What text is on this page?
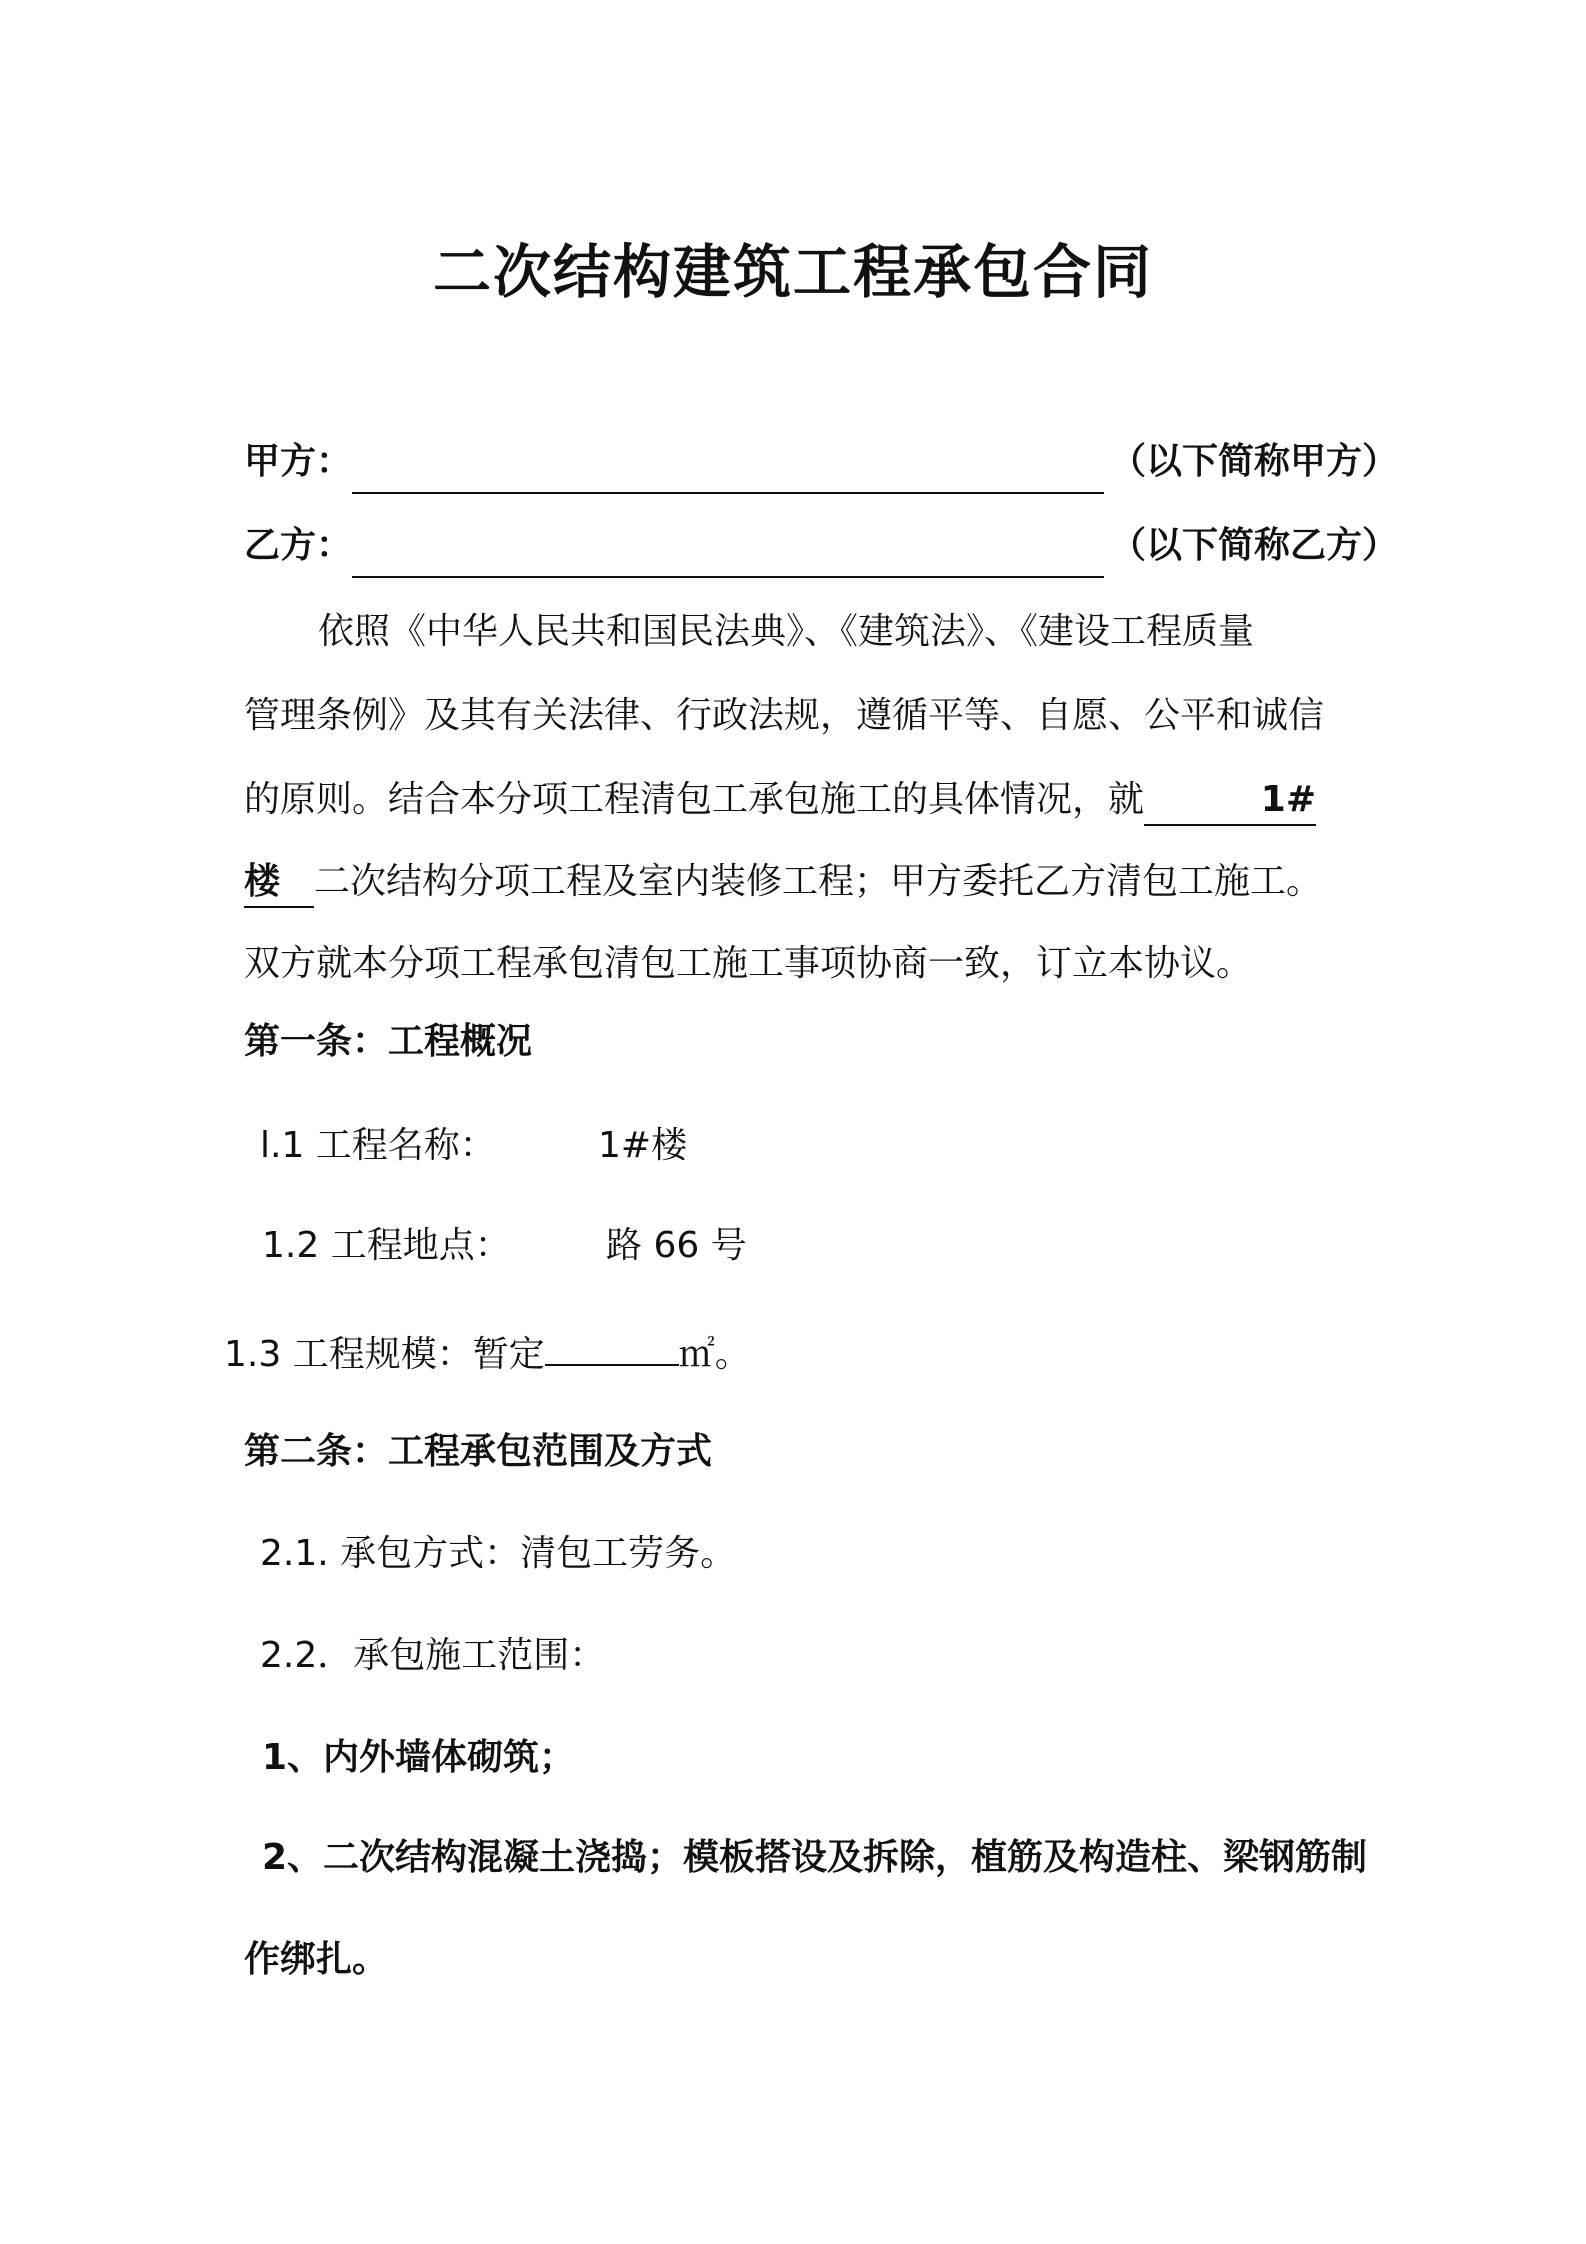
二次结构建筑工程承包合同
甲方：	（以下简称甲方）
乙方：	（以下简称乙方）
依照《中华人民共和国民法典》、《建筑法》、《建设工程质量
管理条例》及其有关法律、行政法规，遵循平等、自愿、公平和诚信
的原则。结合本分项工程清包工承包施工的具体情况，就	1#
楼 二次结构分项工程及室内装修工程；甲方委托乙方清包工施工。
双方就本分项工程承包清包工施工事项协商一致，订立本协议。
第一条：工程概况
l.1 工程名称：	1#楼
1.2 工程地点：	路 66 号
1.3 工程规模：暂定	㎡。
第二条：工程承包范围及方式
2.1. 承包方式：清包工劳务。
2.2．承包施工范围：
1、内外墙体砌筑；
2、二次结构混凝土浇捣；模板搭设及拆除，植筋及构造柱、梁钢筋制
作绑扎。
